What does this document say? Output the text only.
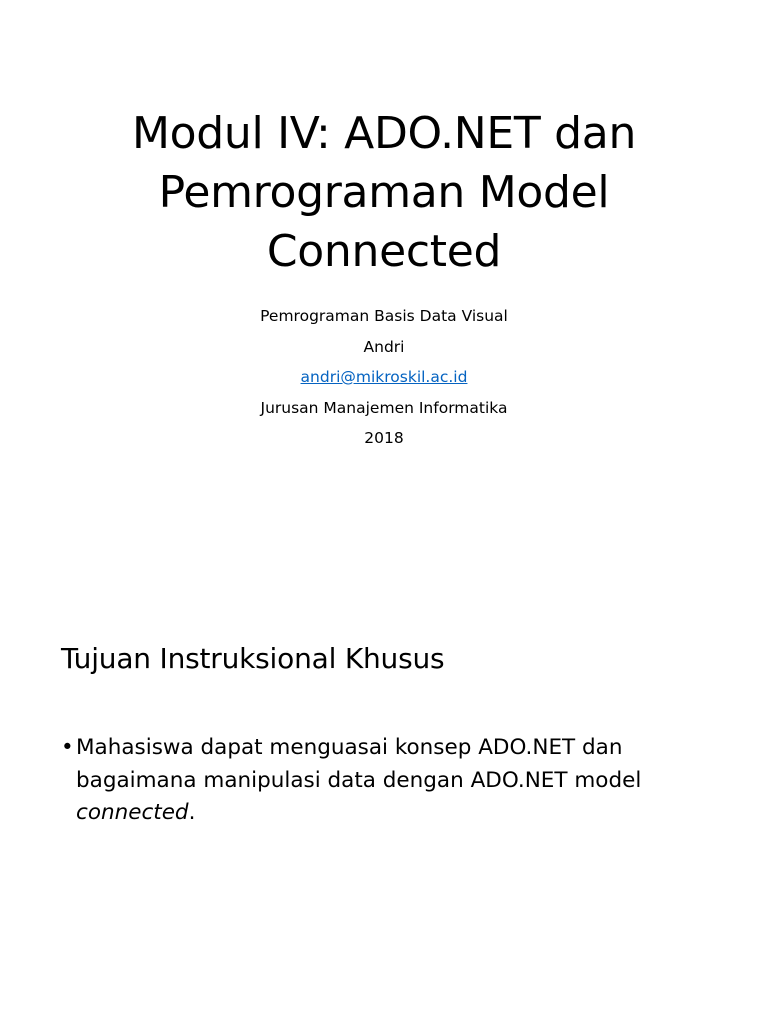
Modul IV: ADO.NET dan
Pemrograman Model
Connected
Pemrograman Basis Data Visual
Andri
andri@mikroskil.ac.id
Jurusan Manajemen Informatika
2018
Tujuan Instruksional Khusus
• Mahasiswa dapat menguasai konsep ADO.NET dan bagaimana manipulasi data dengan ADO.NET model connected.
